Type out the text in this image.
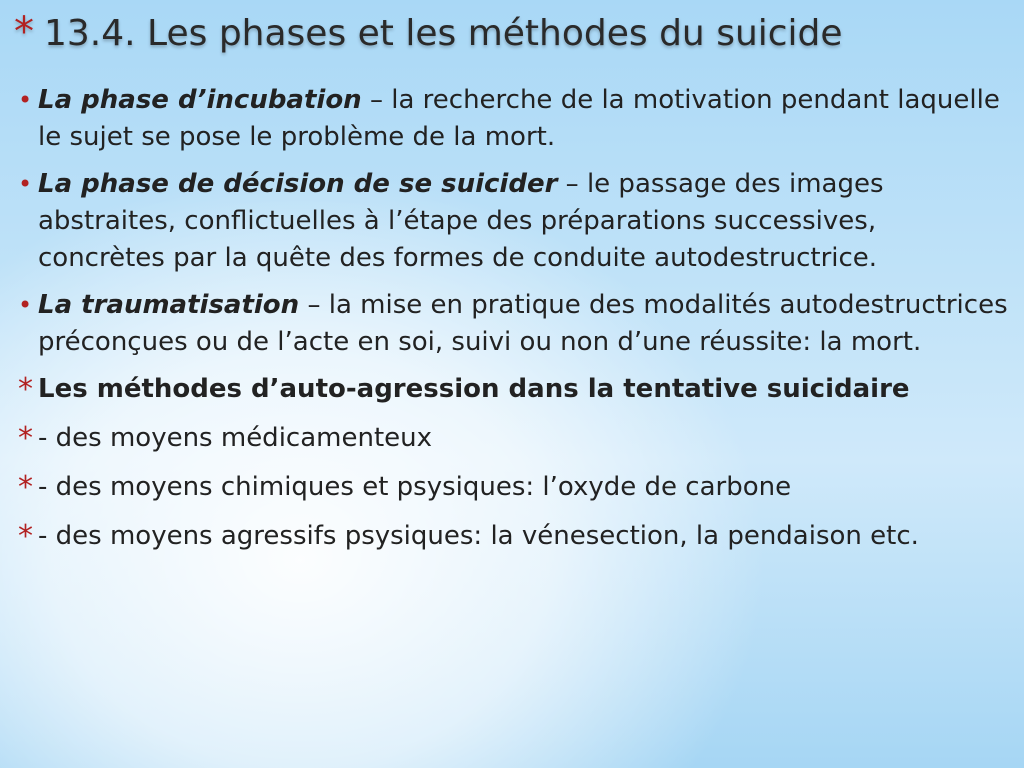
* 13.4. Les phases et les méthodes du suicide
• La phase d’incubation – la recherche de la motivation pendant laquelle le sujet se pose le problème de la mort.
• La phase de décision de se suicider – le passage des images abstraites, conflictuelles à l’étape des préparations successives, concrètes par la quête des formes de conduite autodestructrice.
• La traumatisation – la mise en pratique des modalités autodestructrices préconçues ou de l’acte en soi, suivi ou non d’une réussite: la mort.
* Les méthodes d’auto-agression dans la tentative suicidaire
* - des moyens médicamenteux
* - des moyens chimiques et psysiques: l’oxyde de carbone
* - des moyens agressifs psysiques: la vénesection, la pendaison etc.
